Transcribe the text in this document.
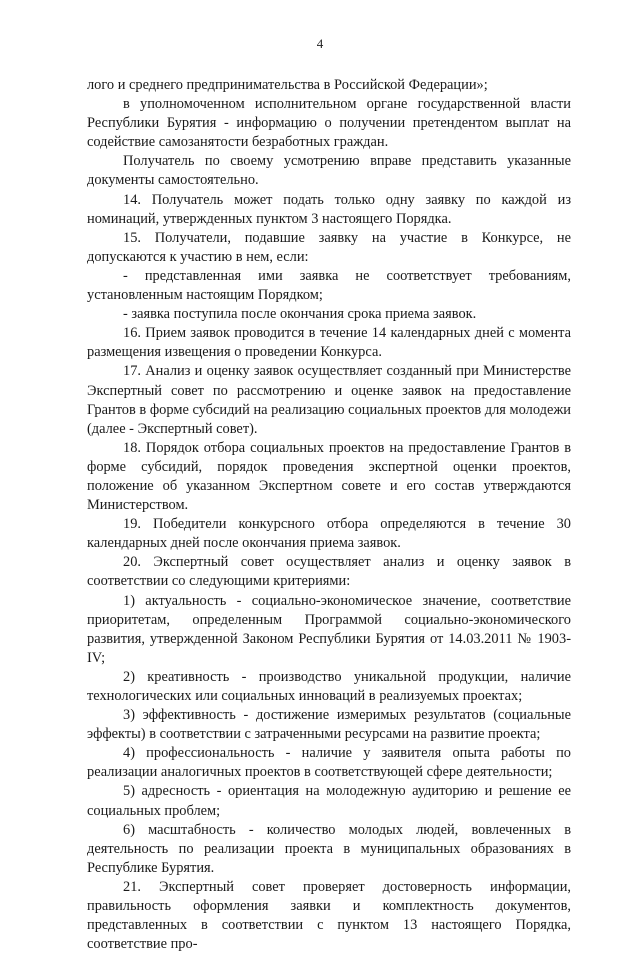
4

лого и среднего предпринимательства в Российской Федерации»;

в уполномоченном исполнительном органе государственной власти Республики Бурятия - информацию о получении претендентом выплат на содействие самозанятости безработных граждан.

Получатель по своему усмотрению вправе представить указанные документы самостоятельно.

14. Получатель может подать только одну заявку по каждой из номинаций, утвержденных пунктом 3 настоящего Порядка.

15. Получатели, подавшие заявку на участие в Конкурсе, не допускаются к участию в нем, если:

- представленная ими заявка не соответствует требованиям, установленным настоящим Порядком;

- заявка поступила после окончания срока приема заявок.

16. Прием заявок проводится в течение 14 календарных дней с момента размещения извещения о проведении Конкурса.

17. Анализ и оценку заявок осуществляет созданный при Министерстве Экспертный совет по рассмотрению и оценке заявок на предоставление Грантов в форме субсидий на реализацию социальных проектов для молодежи (далее - Экспертный совет).

18. Порядок отбора социальных проектов на предоставление Грантов в форме субсидий, порядок проведения экспертной оценки проектов, положение об указанном Экспертном совете и его состав утверждаются Министерством.

19. Победители конкурсного отбора определяются в течение 30 календарных дней после окончания приема заявок.

20. Экспертный совет осуществляет анализ и оценку заявок в соответствии со следующими критериями:

1) актуальность - социально-экономическое значение, соответствие приоритетам, определенным Программой социально-экономического развития, утвержденной Законом Республики Бурятия от 14.03.2011 № 1903-IV;

2) креативность - производство уникальной продукции, наличие технологических или социальных инноваций в реализуемых проектах;

3) эффективность - достижение измеримых результатов (социальные эффекты) в соответствии с затраченными ресурсами на развитие проекта;

4) профессиональность - наличие у заявителя опыта работы по реализации аналогичных проектов в соответствующей сфере деятельности;

5) адресность - ориентация на молодежную аудиторию и решение ее социальных проблем;

6) масштабность - количество молодых людей, вовлеченных в деятельность по реализации проекта в муниципальных образованиях в Республике Бурятия.

21. Экспертный совет проверяет достоверность информации, правильность оформления заявки и комплектность документов, представленных в соответствии с пунктом 13 настоящего Порядка, соответствие про-
